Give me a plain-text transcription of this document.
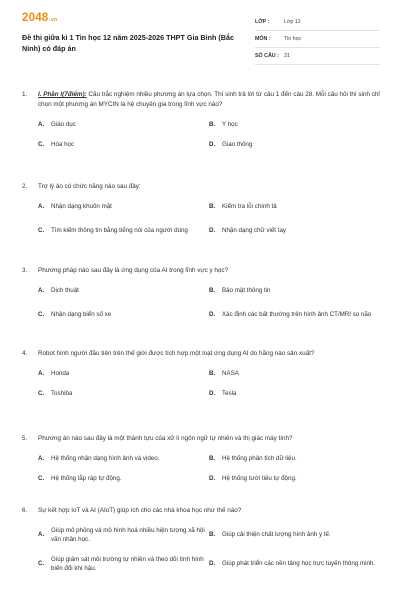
2048.vn
Đề thi giữa kì 1 Tin học 12 năm 2025-2026 THPT Gia Bình (Bắc Ninh) có đáp án
LỚP :	Lớp 12
MÔN :	Tin học
SỐ CÂU : 31
1.	I. Phần I(7điểm): Câu trắc nghiệm nhiều phương án lựa chọn. Thí sinh trả lời từ câu 1 đến câu 28. Mỗi câu hỏi thí sinh chỉ chọn một phương án MYCIN là hệ chuyên gia trong lĩnh vực nào?
A.	Giáo dục	B.	Y học
C.	Hóa học	D.	Giao thông
2.	Trợ lý ảo có chức năng nào sau đây:
A.	Nhận dạng khuôn mặt	B.	Kiểm tra lỗi chính tả
C.	Tìm kiếm thông tin bằng tiếng nói của người dùng	D.	Nhận dạng chữ viết tay
3.	Phương pháp nào sau đây là ứng dụng của AI trong lĩnh vực y học?
A.	Dịch thuật	B.	Bảo mật thông tin
C.	Nhận dạng biển số xe	D.	Xác định các bất thường trên hình ảnh CT/MRI so não
4.	Robot hình người đầu tiên trên thế giới được tích hợp một loạt ứng dụng AI do hãng nào sản xuất?
A.	Honda	B.	NASA
C.	Toshiba	D.	Tesla
5.	Phương án nào sau đây là một thành tựu của xử lí ngôn ngữ tự nhiên và thị giác máy tính?
A.	Hệ thống nhận dạng hình ảnh và video.	B.	Hệ thống phân tích dữ liệu.
C.	Hệ thống lắp ráp tự động.	D.	Hệ thống tưới tiêu tự động.
6.	Sự kết hợp IoT và AI (AIoT) giúp ích cho các nhà khoa học như thế nào?
A.
Giúp mô phỏng và mô hình hoá nhiều hiện tượng xã hội văn nhân học.
B.	Giúp cải thiện chất lượng hình ảnh y tế.
C.
Giúp giám sát môi trường tự nhiên và theo dõi tình hình biến đổi khí hậu.
D.	Giúp phát triển các nền tảng học trực tuyến thông minh.
